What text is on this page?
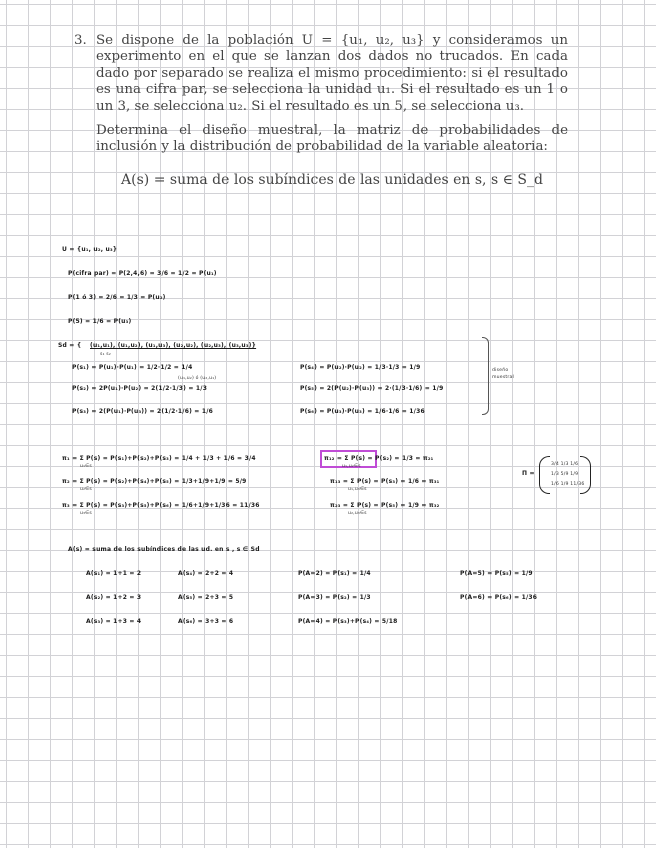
3. Se dispone de la población U = {u₁, u₂, u₃} y consideramos un experimento en el que se lanzan dos dados no trucados. En cada dado por separado se realiza el mismo procedimiento: si el resultado es una cifra par, se selecciona la unidad u₁. Si el resultado es un 1 o un 3, se selecciona u₂. Si el resultado es un 5, se selecciona u₃.

Determina el diseño muestral, la matriz de probabilidades de inclusión y la distribución de probabilidad de la variable aleatoria:

A(s) = suma de los subíndices de las unidades en s, s ∈ S_d
U = {u₁, u₂, u₃}
P(cifra par) = P(2,4,6) = 3/6 = 1/2 = P(u₁)
P(1 ó 3) = 2/6 = 1/3 = P(u₂)
P(5) = 1/6 = P(u₃)
Sd = { (u₁,u₁), (u₁,u₂), (u₁,u₃), (u₂,u₂), (u₂,u₃), (u₃,u₃)}
s₁ s₂
P(s₁) = P(u₁)·P(u₁) = 1/2·1/2 = 1/4
(u₁,u₂) ó (u₂,u₁)
P(s₂) = 2P(u₁)·P(u₂) = 2(1/2·1/3) = 1/3
P(s₃) = 2(P(u₁)·P(u₃)) = 2(1/2·1/6) = 1/6
P(s₄) = P(u₂)·P(u₂) = 1/3·1/3 = 1/9
P(s₅) = 2(P(u₂)·P(u₃)) = 2·(1/3·1/6) = 1/9
P(s₆) = P(u₃)·P(u₃) = 1/6·1/6 = 1/36
diseño
muestral
π₁ = Σ P(s) = P(s₁)+P(s₂)+P(s₃) = 1/4 + 1/3 + 1/6 = 3/4
u₁∈s
π₂ = Σ P(s) = P(s₂)+P(s₄)+P(s₅) = 1/3+1/9+1/9 = 5/9
u₂∈s
π₃ = Σ P(s) = P(s₃)+P(s₅)+P(s₆) = 1/6+1/9+1/36 = 11/36
u₃∈s
π₁₂ = Σ P(s) = P(s₂) = 1/3 = π₂₁
u₁,u₂∈s
π₁₃ = Σ P(s) = P(s₃) = 1/6 = π₃₁
u₁,u₃∈s
π₂₃ = Σ P(s) = P(s₅) = 1/9 = π₃₂
u₂,u₃∈s
Π =
3/4 1/3 1/6
1/3 5/9 1/9
1/6 1/9 11/36
A(s) = suma de los subíndices de las ud. en s , s ∈ Sd
A(s₁) = 1+1 = 2
A(s₂) = 1+2 = 3
A(s₃) = 1+3 = 4
A(s₄) = 2+2 = 4
A(s₅) = 2+3 = 5
A(s₆) = 3+3 = 6
P(A=2) = P(s₁) = 1/4
P(A=3) = P(s₂) = 1/3
P(A=4) = P(s₃)+P(s₄) = 5/18
P(A=5) = P(s₅) = 1/9
P(A=6) = P(s₆) = 1/36
